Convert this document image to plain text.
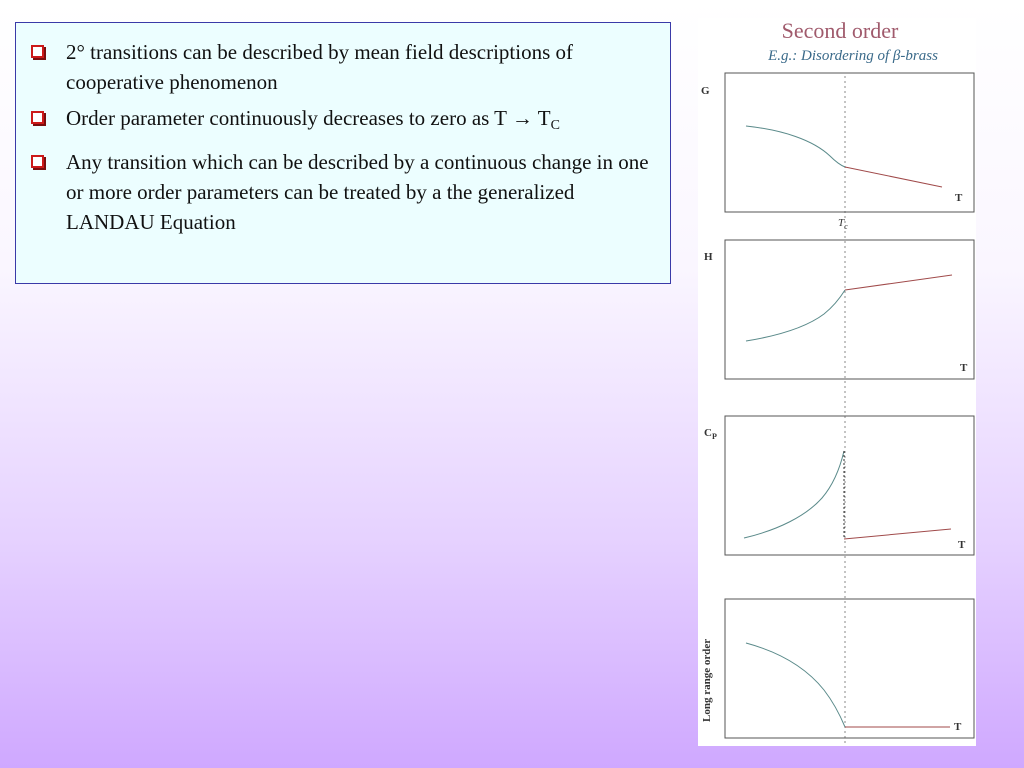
2° transitions can be described by mean field descriptions of cooperative phenomenon
Order parameter continuously decreases to zero as $T \to T_C$
Any transition which can be described by a continuous change in one or more order parameters can be treated by a the generalized LANDAU Equation
Second order
E.g.: Disordering of β-brass
G
T
$T_c$
H
T
$C_P$
T
Long range order
T
